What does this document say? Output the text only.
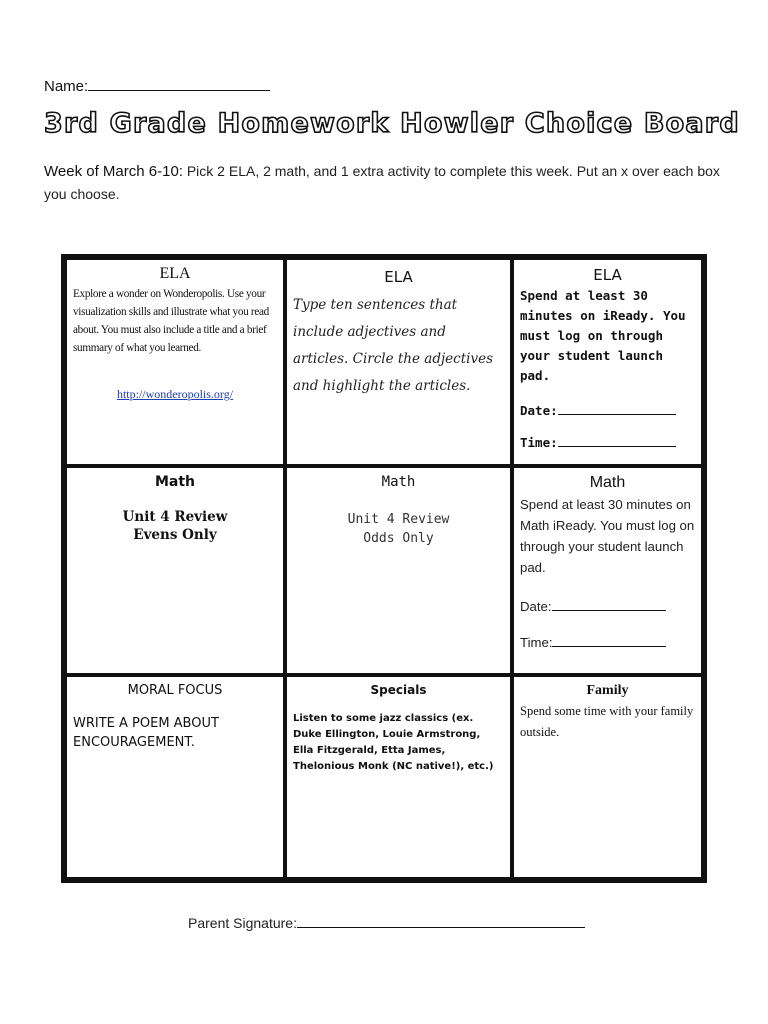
Name:
3rd Grade Homework Howler Choice Board
Week of March 6-10: Pick 2 ELA, 2 math, and 1 extra activity to complete this week. Put an x over each box you choose.
ELA
Explore a wonder on Wonderopolis. Use your visualization skills and illustrate what you read about. You must also include a title and a brief summary of what you learned.
http://wonderopolis.org/
ELA
Type ten sentences that include adjectives and articles. Circle the adjectives and highlight the articles.
ELA
Spend at least 30 minutes on iReady. You must log on through your student launch pad.
Date:
Time:
Math
Unit 4 Review
Evens Only
Math
Unit 4 Review
Odds Only
Math
Spend at least 30 minutes on Math iReady. You must log on through your student launch pad.
Date:
Time:
MORAL FOCUS
WRITE A POEM ABOUT ENCOURAGEMENT.
Specials
Listen to some jazz classics (ex. Duke Ellington, Louie Armstrong, Ella Fitzgerald, Etta James, Thelonious Monk (NC native!), etc.)
Family
Spend some time with your family outside.
Parent Signature:
